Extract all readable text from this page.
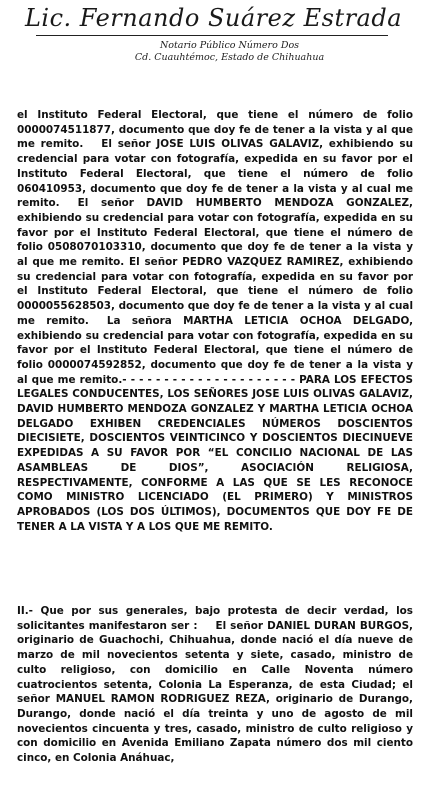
Lic. Fernando Suárez Estrada
Notario Público Número Dos
Cd. Cuauhtémoc, Estado de Chihuahua
el Instituto Federal Electoral, que tiene el número de folio 0000074511877, documento que doy fe de tener a la vista y al que me remito. El señor JOSE LUIS OLIVAS GALAVIZ, exhibiendo su credencial para votar con fotografía, expedida en su favor por el Instituto Federal Electoral, que tiene el número de folio 060410953, documento que doy fe de tener a la vista y al cual me remito. El señor DAVID HUMBERTO MENDOZA GONZALEZ, exhibiendo su credencial para votar con fotografía, expedida en su favor por el Instituto Federal Electoral, que tiene el número de folio 0508070103310, documento que doy fe de tener a la vista y al que me remito. El señor PEDRO VAZQUEZ RAMIREZ, exhibiendo su credencial para votar con fotografía, expedida en su favor por el Instituto Federal Electoral, que tiene el número de folio 0000055628503, documento que doy fe de tener a la vista y al cual me remito. La señora MARTHA LETICIA OCHOA DELGADO, exhibiendo su credencial para votar con fotografía, expedida en su favor por el Instituto Federal Electoral, que tiene el número de folio 0000074592852, documento que doy fe de tener a la vista y al que me remito.- - - - - - - - - - - - - - - - - - - - - PARA LOS EFECTOS LEGALES CONDUCENTES, LOS SEÑORES JOSE LUIS OLIVAS GALAVIZ, DAVID HUMBERTO MENDOZA GONZALEZ Y MARTHA LETICIA OCHOA DELGADO EXHIBEN CREDENCIALES NÚMEROS DOSCIENTOS DIECISIETE, DOSCIENTOS VEINTICINCO Y DOSCIENTOS DIECINUEVE EXPEDIDAS A SU FAVOR POR “EL CONCILIO NACIONAL DE LAS ASAMBLEAS DE DIOS”, ASOCIACIÓN RELIGIOSA, RESPECTIVAMENTE, CONFORME A LAS QUE SE LES RECONOCE COMO MINISTRO LICENCIADO (EL PRIMERO) Y MINISTROS APROBADOS (LOS DOS ÚLTIMOS), DOCUMENTOS QUE DOY FE DE TENER A LA VISTA Y A LOS QUE ME REMITO.
II.- Que por sus generales, bajo protesta de decir verdad, los solicitantes manifestaron ser : El señor DANIEL DURAN BURGOS, originario de Guachochi, Chihuahua, donde nació el día nueve de marzo de mil novecientos setenta y siete, casado, ministro de culto religioso, con domicilio en Calle Noventa número cuatrocientos setenta, Colonia La Esperanza, de esta Ciudad; el señor MANUEL RAMON RODRIGUEZ REZA, originario de Durango, Durango, donde nació el día treinta y uno de agosto de mil novecientos cincuenta y tres, casado, ministro de culto religioso y con domicilio en Avenida Emiliano Zapata número dos mil ciento cinco, en Colonia Anáhuac,
